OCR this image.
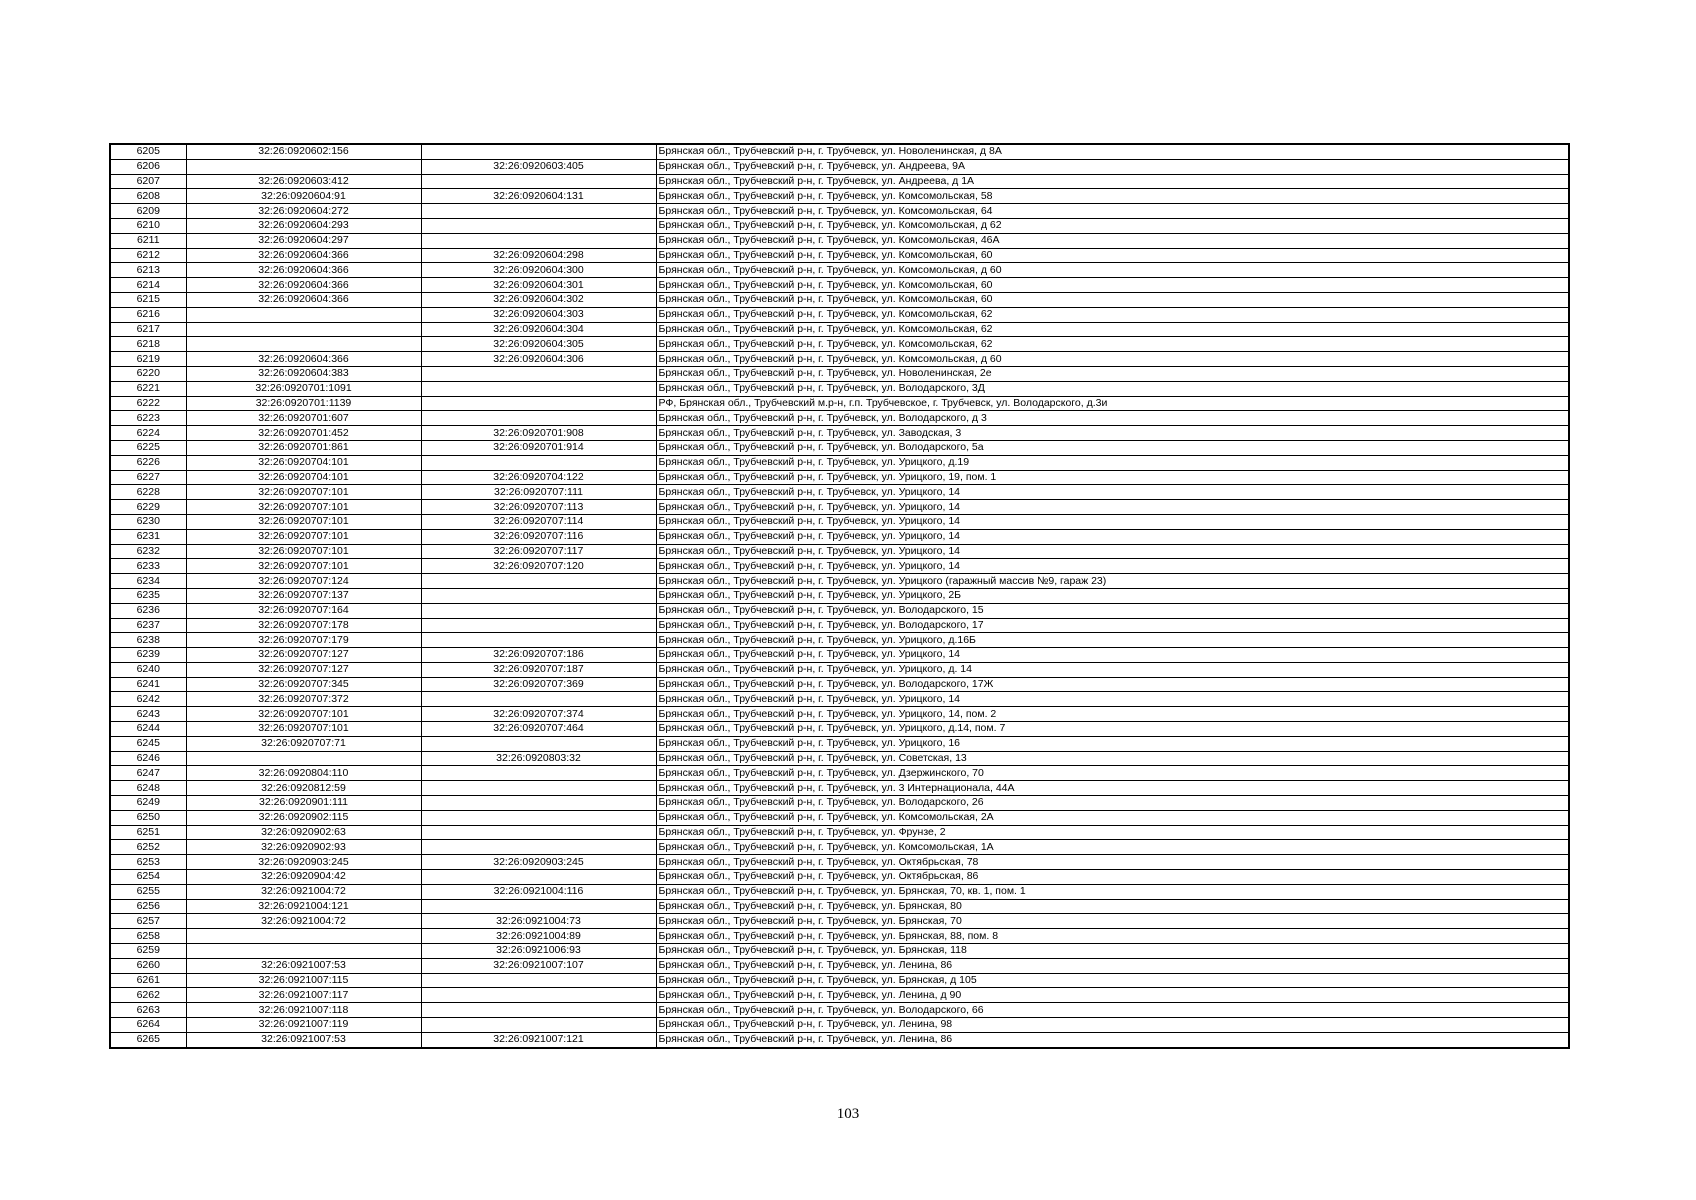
6205	32:26:0920602:156		Брянская обл., Трубчевский р-н, г. Трубчевск, ул. Новоленинская, д 8А
6206		32:26:0920603:405	Брянская обл., Трубчевский р-н, г. Трубчевск, ул. Андреева, 9А
6207	32:26:0920603:412		Брянская обл., Трубчевский р-н, г. Трубчевск, ул. Андреева, д 1А
6208	32:26:0920604:91	32:26:0920604:131	Брянская обл., Трубчевский р-н, г. Трубчевск, ул. Комсомольская, 58
6209	32:26:0920604:272		Брянская обл., Трубчевский р-н, г. Трубчевск, ул. Комсомольская, 64
6210	32:26:0920604:293		Брянская обл., Трубчевский р-н, г. Трубчевск, ул. Комсомольская, д 62
6211	32:26:0920604:297		Брянская обл., Трубчевский р-н, г. Трубчевск, ул. Комсомольская, 46А
6212	32:26:0920604:366	32:26:0920604:298	Брянская обл., Трубчевский р-н, г. Трубчевск, ул. Комсомольская, 60
6213	32:26:0920604:366	32:26:0920604:300	Брянская обл., Трубчевский р-н, г. Трубчевск, ул. Комсомольская, д 60
6214	32:26:0920604:366	32:26:0920604:301	Брянская обл., Трубчевский р-н, г. Трубчевск, ул. Комсомольская, 60
6215	32:26:0920604:366	32:26:0920604:302	Брянская обл., Трубчевский р-н, г. Трубчевск, ул. Комсомольская, 60
6216		32:26:0920604:303	Брянская обл., Трубчевский р-н, г. Трубчевск, ул. Комсомольская, 62
6217		32:26:0920604:304	Брянская обл., Трубчевский р-н, г. Трубчевск, ул. Комсомольская, 62
6218		32:26:0920604:305	Брянская обл., Трубчевский р-н, г. Трубчевск, ул. Комсомольская, 62
6219	32:26:0920604:366	32:26:0920604:306	Брянская обл., Трубчевский р-н, г. Трубчевск, ул. Комсомольская, д 60
6220	32:26:0920604:383		Брянская обл., Трубчевский р-н, г. Трубчевск, ул. Новоленинская, 2е
6221	32:26:0920701:1091		Брянская обл., Трубчевский р-н, г. Трубчевск, ул. Володарского, 3Д
6222	32:26:0920701:1139		РФ, Брянская обл., Трубчевский м.р-н, г.п. Трубчевское, г. Трубчевск, ул. Володарского, д.3и
6223	32:26:0920701:607		Брянская обл., Трубчевский р-н, г. Трубчевск, ул. Володарского, д 3
6224	32:26:0920701:452	32:26:0920701:908	Брянская обл., Трубчевский р-н, г. Трубчевск, ул. Заводская, 3
6225	32:26:0920701:861	32:26:0920701:914	Брянская обл., Трубчевский р-н, г. Трубчевск, ул. Володарского, 5а
6226	32:26:0920704:101		Брянская обл., Трубчевский р-н, г. Трубчевск, ул. Урицкого, д.19
6227	32:26:0920704:101	32:26:0920704:122	Брянская обл., Трубчевский р-н, г. Трубчевск, ул. Урицкого, 19, пом. 1
6228	32:26:0920707:101	32:26:0920707:111	Брянская обл., Трубчевский р-н, г. Трубчевск, ул. Урицкого, 14
6229	32:26:0920707:101	32:26:0920707:113	Брянская обл., Трубчевский р-н, г. Трубчевск, ул. Урицкого, 14
6230	32:26:0920707:101	32:26:0920707:114	Брянская обл., Трубчевский р-н, г. Трубчевск, ул. Урицкого, 14
6231	32:26:0920707:101	32:26:0920707:116	Брянская обл., Трубчевский р-н, г. Трубчевск, ул. Урицкого, 14
6232	32:26:0920707:101	32:26:0920707:117	Брянская обл., Трубчевский р-н, г. Трубчевск, ул. Урицкого, 14
6233	32:26:0920707:101	32:26:0920707:120	Брянская обл., Трубчевский р-н, г. Трубчевск, ул. Урицкого, 14
6234	32:26:0920707:124		Брянская обл., Трубчевский р-н, г. Трубчевск, ул. Урицкого (гаражный массив №9, гараж 23)
6235	32:26:0920707:137		Брянская обл., Трубчевский р-н, г. Трубчевск, ул. Урицкого, 2Б
6236	32:26:0920707:164		Брянская обл., Трубчевский р-н, г. Трубчевск, ул. Володарского, 15
6237	32:26:0920707:178		Брянская обл., Трубчевский р-н, г. Трубчевск, ул. Володарского, 17
6238	32:26:0920707:179		Брянская обл., Трубчевский р-н, г. Трубчевск, ул. Урицкого, д.16Б
6239	32:26:0920707:127	32:26:0920707:186	Брянская обл., Трубчевский р-н, г. Трубчевск, ул. Урицкого, 14
6240	32:26:0920707:127	32:26:0920707:187	Брянская обл., Трубчевский р-н, г. Трубчевск, ул. Урицкого, д. 14
6241	32:26:0920707:345	32:26:0920707:369	Брянская обл., Трубчевский р-н, г. Трубчевск, ул. Володарского, 17Ж
6242	32:26:0920707:372		Брянская обл., Трубчевский р-н, г. Трубчевск, ул. Урицкого, 14
6243	32:26:0920707:101	32:26:0920707:374	Брянская обл., Трубчевский р-н, г. Трубчевск, ул. Урицкого, 14, пом. 2
6244	32:26:0920707:101	32:26:0920707:464	Брянская обл., Трубчевский р-н, г. Трубчевск, ул. Урицкого, д.14, пом. 7
6245	32:26:0920707:71		Брянская обл., Трубчевский р-н, г. Трубчевск, ул. Урицкого, 16
6246		32:26:0920803:32	Брянская обл., Трубчевский р-н, г. Трубчевск, ул. Советская, 13
6247	32:26:0920804:110		Брянская обл., Трубчевский р-н, г. Трубчевск, ул. Дзержинского, 70
6248	32:26:0920812:59		Брянская обл., Трубчевский р-н, г. Трубчевск, ул. 3 Интернационала, 44А
6249	32:26:0920901:111		Брянская обл., Трубчевский р-н, г. Трубчевск, ул. Володарского, 26
6250	32:26:0920902:115		Брянская обл., Трубчевский р-н, г. Трубчевск, ул. Комсомольская, 2А
6251	32:26:0920902:63		Брянская обл., Трубчевский р-н, г. Трубчевск, ул. Фрунзе, 2
6252	32:26:0920902:93		Брянская обл., Трубчевский р-н, г. Трубчевск, ул. Комсомольская, 1А
6253	32:26:0920903:245	32:26:0920903:245	Брянская обл., Трубчевский р-н, г. Трубчевск, ул. Октябрьская, 78
6254	32:26:0920904:42		Брянская обл., Трубчевский р-н, г. Трубчевск, ул. Октябрьская, 86
6255	32:26:0921004:72	32:26:0921004:116	Брянская обл., Трубчевский р-н, г. Трубчевск, ул. Брянская, 70, кв. 1, пом. 1
6256	32:26:0921004:121		Брянская обл., Трубчевский р-н, г. Трубчевск, ул. Брянская, 80
6257	32:26:0921004:72	32:26:0921004:73	Брянская обл., Трубчевский р-н, г. Трубчевск, ул. Брянская, 70
6258		32:26:0921004:89	Брянская обл., Трубчевский р-н, г. Трубчевск, ул. Брянская, 88, пом. 8
6259		32:26:0921006:93	Брянская обл., Трубчевский р-н, г. Трубчевск, ул. Брянская, 118
6260	32:26:0921007:53	32:26:0921007:107	Брянская обл., Трубчевский р-н, г. Трубчевск, ул. Ленина, 86
6261	32:26:0921007:115		Брянская обл., Трубчевский р-н, г. Трубчевск, ул. Брянская, д 105
6262	32:26:0921007:117		Брянская обл., Трубчевский р-н, г. Трубчевск, ул. Ленина, д 90
6263	32:26:0921007:118		Брянская обл., Трубчевский р-н, г. Трубчевск, ул. Володарского, 66
6264	32:26:0921007:119		Брянская обл., Трубчевский р-н, г. Трубчевск, ул. Ленина, 98
6265	32:26:0921007:53	32:26:0921007:121	Брянская обл., Трубчевский р-н, г. Трубчевск, ул. Ленина, 86
103
